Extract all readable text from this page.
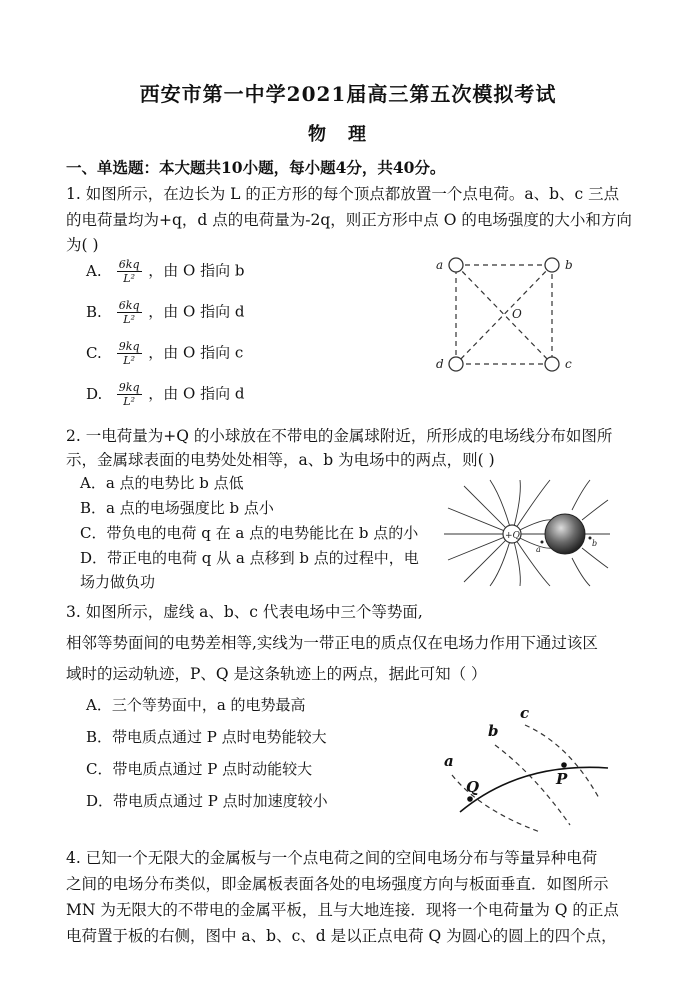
西安市第一中学2021届高三第五次模拟考试
物理
一、单选题：本大题共10小题，每小题4分，共40分。
1. 如图所示，在边长为 L 的正方形的每个顶点都放置一个点电荷。a、b、c 三点
的电荷量均为+q，d 点的电荷量为-2q，则正方形中点 O 的电场强度的大小和方向
为( )
A. $\frac{6kq}{\text{L²}}$ ，由 O 指向 b
B. $\frac{6kq}{\text{L²}}$ ，由 O 指向 d
C. $\frac{9kq}{\text{L²}}$ ，由 O 指向 c
D. $\frac{9kq}{\text{L²}}$ ，由 O 指向 d
a	b
c
d
O
2. 一电荷量为+Q 的小球放在不带电的金属球附近，所形成的电场线分布如图所
示，金属球表面的电势处处相等，a、b 为电场中的两点，则( )
A．a 点的电势比 b 点低
B．a 点的电场强度比 b 点小
C．带负电的电荷 q 在 a 点的电势能比在 b 点的小
D．带正电的电荷 q 从 a 点移到 b 点的过程中，电
场力做负功
+Q
a
b
3. 如图所示，虚线 a、b、c 代表电场中三个等势面,
相邻等势面间的电势差相等,实线为一带正电的质点仅在电场力作用下通过该区
域时的运动轨迹，P、Q 是这条轨迹上的两点，据此可知（ ）
A．三个等势面中，a 的电势最高
B．带电质点通过 P 点时电势能较大
C．带电质点通过 P 点时动能较大
D．带电质点通过 P 点时加速度较小
a
b
c
Q	P
4. 已知一个无限大的金属板与一个点电荷之间的空间电场分布与等量异种电荷
之间的电场分布类似，即金属板表面各处的电场强度方向与板面垂直．如图所示
MN 为无限大的不带电的金属平板，且与大地连接．现将一个电荷量为 Q 的正点
电荷置于板的右侧，图中 a、b、c、d 是以正点电荷 Q 为圆心的圆上的四个点，
